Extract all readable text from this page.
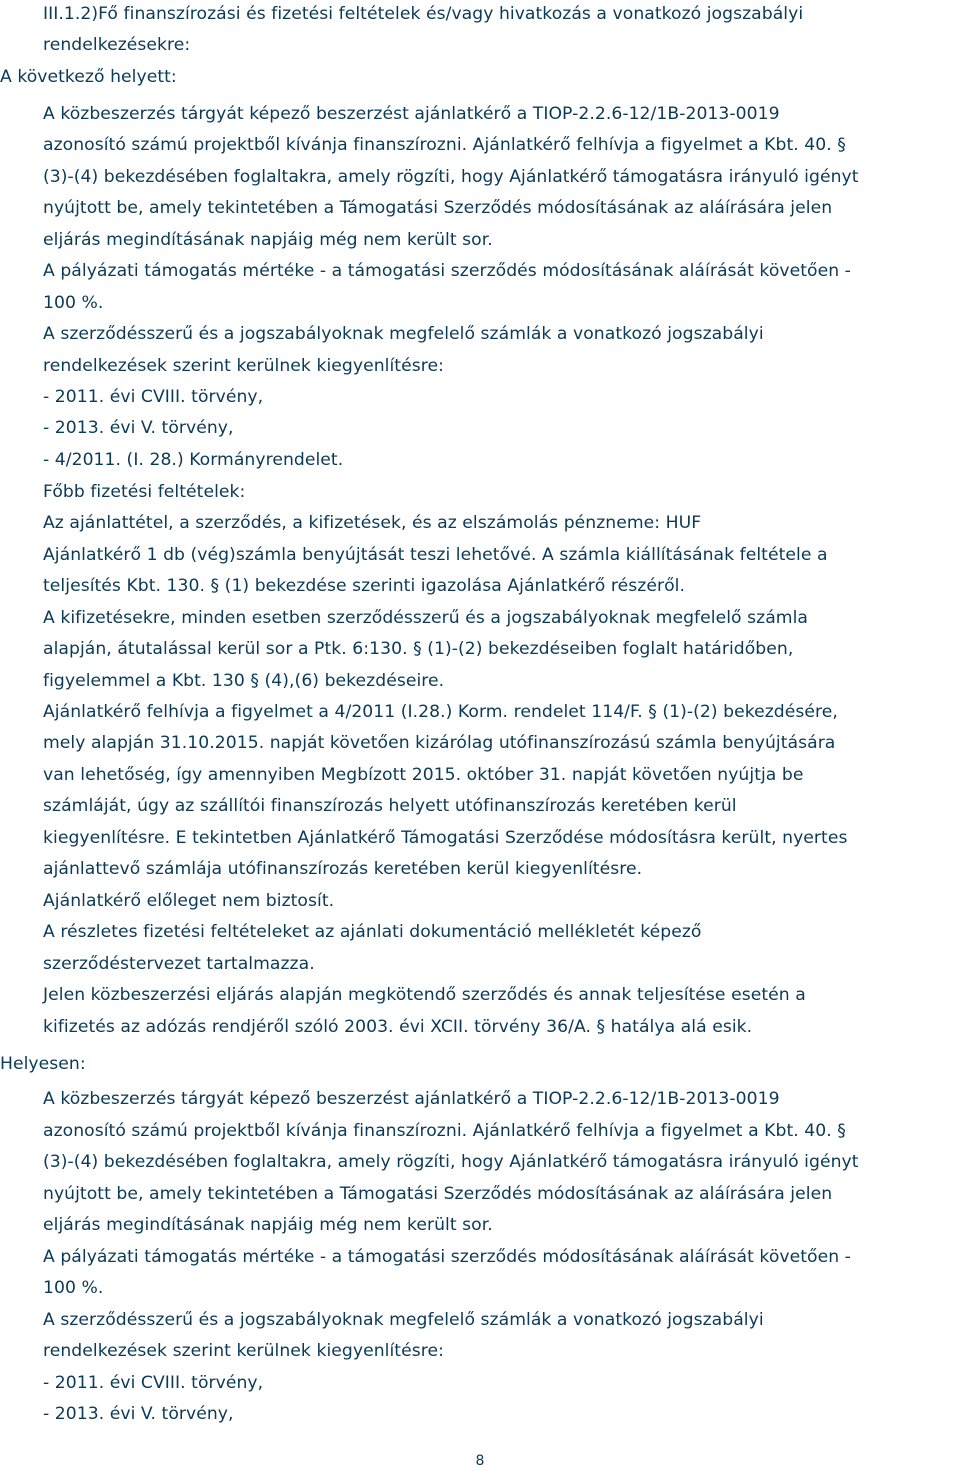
III.1.2)Fő finanszírozási és fizetési feltételek és/vagy hivatkozás a vonatkozó jogszabályi
rendelkezésekre:
A következő helyett:
A közbeszerzés tárgyát képező beszerzést ajánlatkérő a TIOP-2.2.6-12/1B-2013-0019
azonosító számú projektből kívánja finanszírozni. Ajánlatkérő felhívja a figyelmet a Kbt. 40. §
(3)-(4) bekezdésében foglaltakra, amely rögzíti, hogy Ajánlatkérő támogatásra irányuló igényt
nyújtott be, amely tekintetében a Támogatási Szerződés módosításának az aláírására jelen
eljárás megindításának napjáig még nem került sor.
A pályázati támogatás mértéke - a támogatási szerződés módosításának aláírását követően -
100 %.
A szerződésszerű és a jogszabályoknak megfelelő számlák a vonatkozó jogszabályi
rendelkezések szerint kerülnek kiegyenlítésre:
- 2011. évi CVIII. törvény,
- 2013. évi V. törvény,
- 4/2011. (I. 28.) Kormányrendelet.
Főbb fizetési feltételek:
Az ajánlattétel, a szerződés, a kifizetések, és az elszámolás pénzneme: HUF
Ajánlatkérő 1 db (vég)számla benyújtását teszi lehetővé. A számla kiállításának feltétele a
teljesítés Kbt. 130. § (1) bekezdése szerinti igazolása Ajánlatkérő részéről.
A kifizetésekre, minden esetben szerződésszerű és a jogszabályoknak megfelelő számla
alapján, átutalással kerül sor a Ptk. 6:130. § (1)-(2) bekezdéseiben foglalt határidőben,
figyelemmel a Kbt. 130 § (4),(6) bekezdéseire.
Ajánlatkérő felhívja a figyelmet a 4/2011 (I.28.) Korm. rendelet 114/F. § (1)-(2) bekezdésére,
mely alapján 31.10.2015. napját követően kizárólag utófinanszírozású számla benyújtására
van lehetőség, így amennyiben Megbízott 2015. október 31. napját követően nyújtja be
számláját, úgy az szállítói finanszírozás helyett utófinanszírozás keretében kerül
kiegyenlítésre. E tekintetben Ajánlatkérő Támogatási Szerződése módosításra került, nyertes
ajánlattevő számlája utófinanszírozás keretében kerül kiegyenlítésre.
Ajánlatkérő előleget nem biztosít.
A részletes fizetési feltételeket az ajánlati dokumentáció mellékletét képező
szerződéstervezet tartalmazza.
Jelen közbeszerzési eljárás alapján megkötendő szerződés és annak teljesítése esetén a
kifizetés az adózás rendjéről szóló 2003. évi XCII. törvény 36/A. § hatálya alá esik.
Helyesen:
A közbeszerzés tárgyát képező beszerzést ajánlatkérő a TIOP-2.2.6-12/1B-2013-0019
azonosító számú projektből kívánja finanszírozni. Ajánlatkérő felhívja a figyelmet a Kbt. 40. §
(3)-(4) bekezdésében foglaltakra, amely rögzíti, hogy Ajánlatkérő támogatásra irányuló igényt
nyújtott be, amely tekintetében a Támogatási Szerződés módosításának az aláírására jelen
eljárás megindításának napjáig még nem került sor.
A pályázati támogatás mértéke - a támogatási szerződés módosításának aláírását követően -
100 %.
A szerződésszerű és a jogszabályoknak megfelelő számlák a vonatkozó jogszabályi
rendelkezések szerint kerülnek kiegyenlítésre:
- 2011. évi CVIII. törvény,
- 2013. évi V. törvény,
8
